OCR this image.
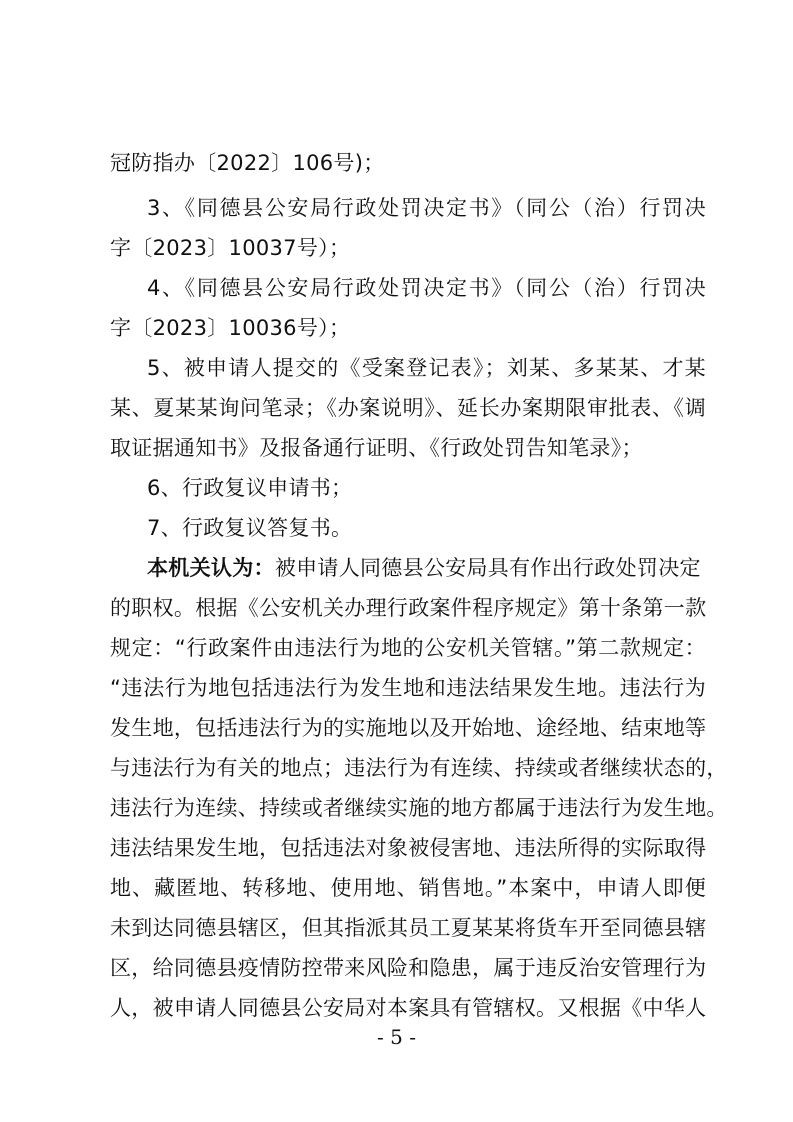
冠防指办〔2022〕106号)；
3、《同德县公安局行政处罚决定书》（同公（治）行罚决
字〔2023〕10037号）；
4、《同德县公安局行政处罚决定书》（同公（治）行罚决
字〔2023〕10036号）；
5、被申请人提交的《受案登记表》；刘某、多某某、才某
某、夏某某询问笔录；《办案说明》、延长办案期限审批表、《调
取证据通知书》及报备通行证明、《行政处罚告知笔录》；
6、行政复议申请书；
7、行政复议答复书。
本机关认为：被申请人同德县公安局具有作出行政处罚决定
的职权。根据《公安机关办理行政案件程序规定》第十条第一款
规定：“行政案件由违法行为地的公安机关管辖。”第二款规定：
“违法行为地包括违法行为发生地和违法结果发生地。违法行为
发生地，包括违法行为的实施地以及开始地、途经地、结束地等
与违法行为有关的地点；违法行为有连续、持续或者继续状态的，
违法行为连续、持续或者继续实施的地方都属于违法行为发生地。
违法结果发生地，包括违法对象被侵害地、违法所得的实际取得
地、藏匿地、转移地、使用地、销售地。”本案中，申请人即便
未到达同德县辖区，但其指派其员工夏某某将货车开至同德县辖
区，给同德县疫情防控带来风险和隐患，属于违反治安管理行为
人，被申请人同德县公安局对本案具有管辖权。又根据《中华人
- 5 -
